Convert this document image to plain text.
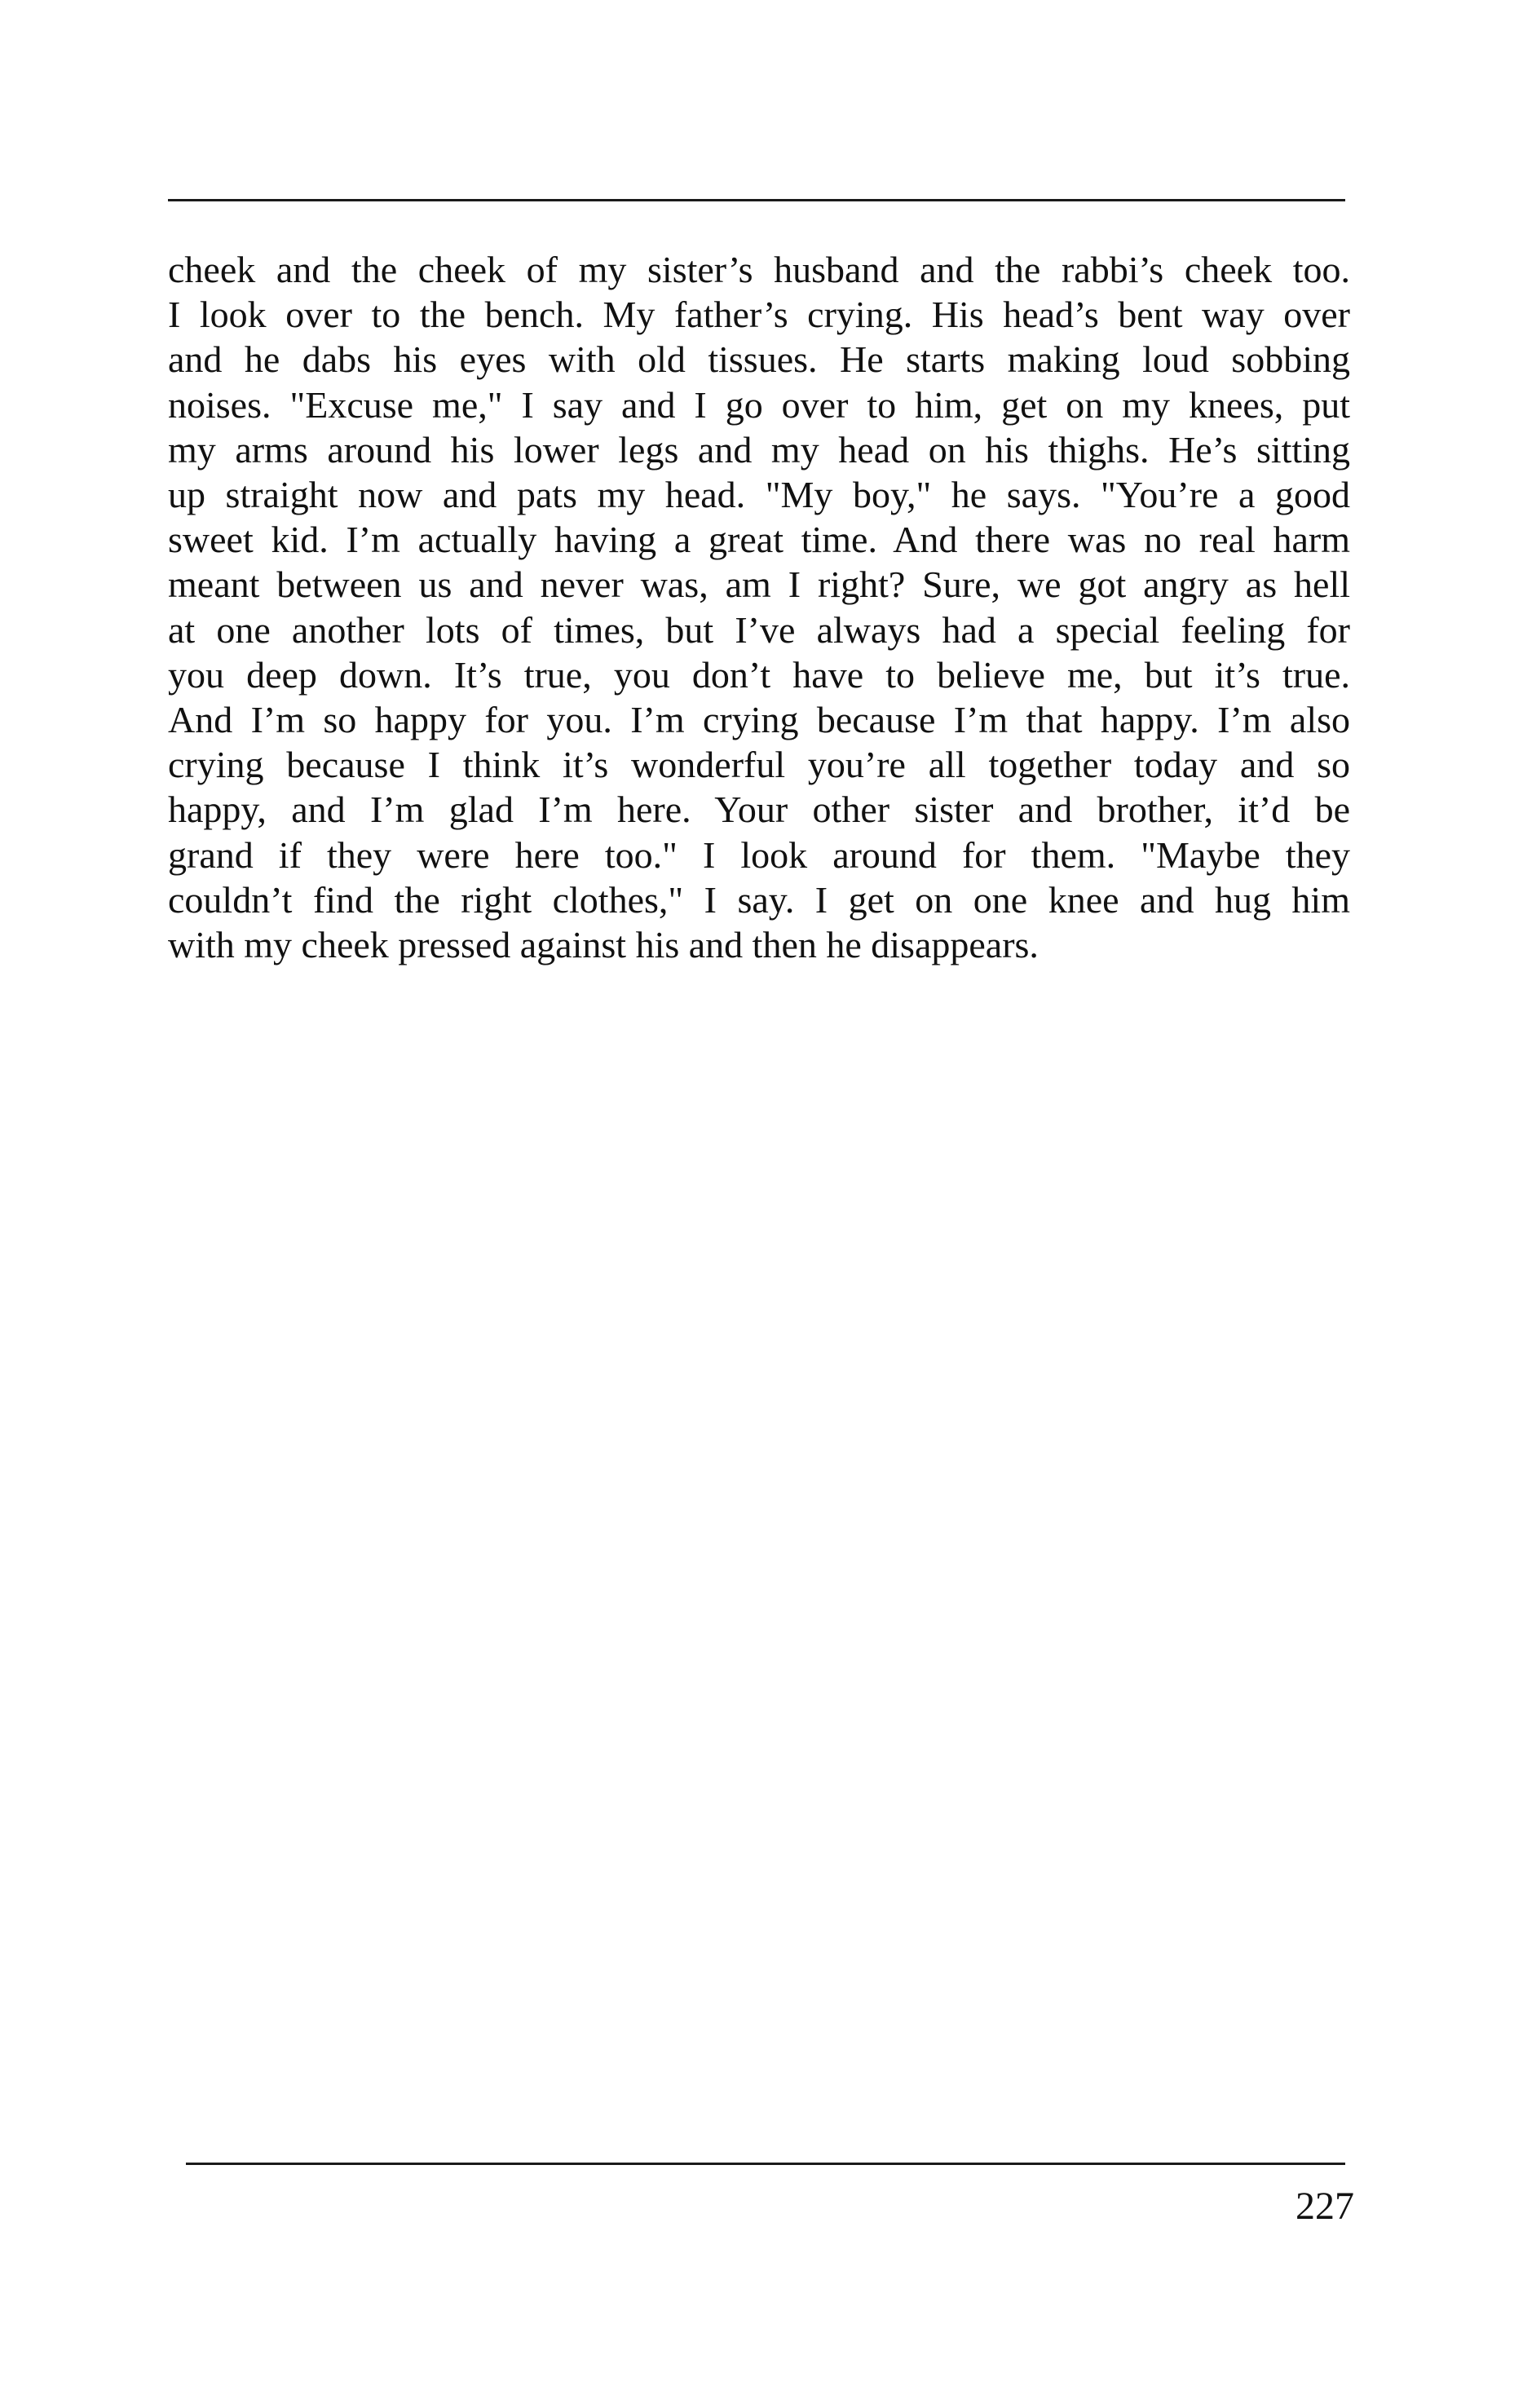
cheek and the cheek of my sister’s husband and the rabbi’s cheek too.
I look over to the bench. My father’s crying. His head’s bent way over
and he dabs his eyes with old tissues. He starts making loud sobbing
noises. "Excuse me," I say and I go over to him, get on my knees, put
my arms around his lower legs and my head on his thighs. He’s sitting
up straight now and pats my head. "My boy," he says. "You’re a good
sweet kid. I’m actually having a great time. And there was no real harm
meant between us and never was, am I right? Sure, we got angry as hell
at one another lots of times, but I’ve always had a special feeling for
you deep down. It’s true, you don’t have to believe me, but it’s true.
And I’m so happy for you. I’m crying because I’m that happy. I’m also
crying because I think it’s wonderful you’re all together today and so
happy, and I’m glad I’m here. Your other sister and brother, it’d be
grand if they were here too." I look around for them. "Maybe they
couldn’t find the right clothes," I say. I get on one knee and hug him
with my cheek pressed against his and then he disappears.
227
